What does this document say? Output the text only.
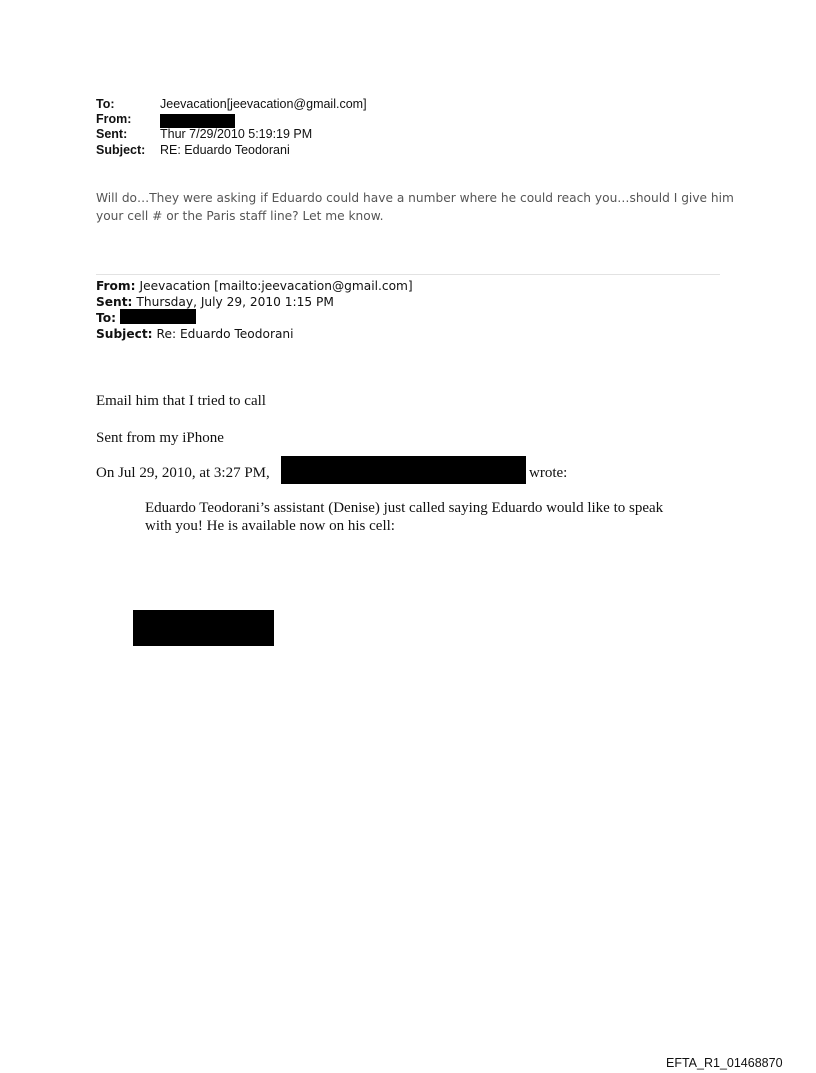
To:	Jeevacation[jeevacation@gmail.com]
From:
Sent:	Thur 7/29/2010 5:19:19 PM
Subject: RE: Eduardo Teodorani
Will do…They were asking if Eduardo could have a number where he could reach you…should I give him your cell # or the Paris staff line? Let me know.
From: Jeevacation [mailto:jeevacation@gmail.com]
Sent: Thursday, July 29, 2010 1:15 PM
To:
Subject: Re: Eduardo Teodorani
Email him that I tried to call
Sent from my iPhone
On Jul 29, 2010, at 3:27 PM,	wrote:
Eduardo Teodorani’s assistant (Denise) just called saying Eduardo would like to speak with you! He is available now on his cell:
EFTA_R1_01468870
